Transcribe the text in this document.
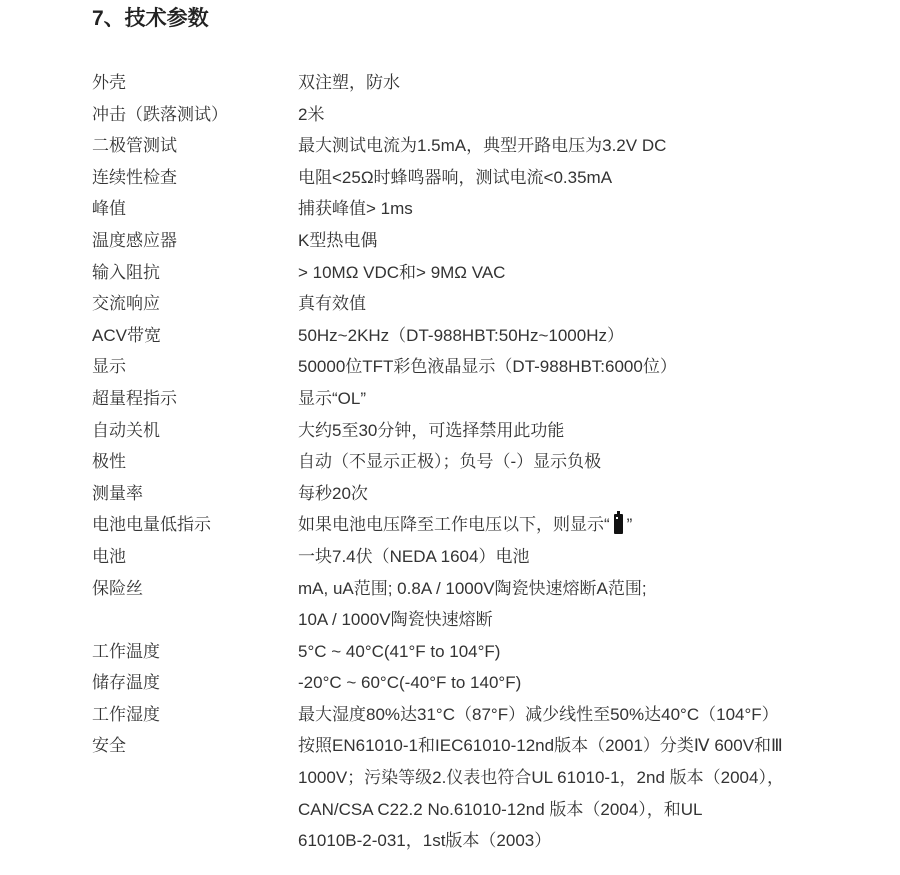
7、技术参数
外壳	双注塑，防水
冲击（跌落测试）	2米
二极管测试	最大测试电流为1.5mA，典型开路电压为3.2V DC
连续性检查	电阻<25Ω时蜂鸣器响，测试电流<0.35mA
峰值	捕获峰值> 1ms
温度感应器	K型热电偶
输入阻抗	> 10MΩ VDC和> 9MΩ VAC
交流响应	真有效值
ACV带宽	50Hz~2KHz（DT-988HBT:50Hz~1000Hz）
显示	50000位TFT彩色液晶显示（DT-988HBT:6000位）
超量程指示	显示“OL”
自动关机	大约5至30分钟，可选择禁用此功能
极性	自动（不显示正极）；负号（-）显示负极
测量率	每秒20次
电池电量低指示	如果电池电压降至工作电压以下，则显示“ ”
电池	一块7.4伏（NEDA 1604）电池
保险丝	mA, uA范围; 0.8A / 1000V陶瓷快速熔断A范围;
10A / 1000V陶瓷快速熔断
工作温度	5°C ~ 40°C(41°F to 104°F)
储存温度	-20°C ~ 60°C(-40°F to 140°F)
工作湿度	最大湿度80%达31°C（87°F）减少线性至50%达40°C（104°F）
安全	按照EN61010-1和IEC61010-12nd版本（2001）分类Ⅳ 600V和Ⅲ
1000V；污染等级2.仪表也符合UL 61010-1，2nd 版本（2004），
CAN/CSA C22.2 No.61010-12nd 版本（2004），和UL
61010B-2-031，1st版本（2003）
